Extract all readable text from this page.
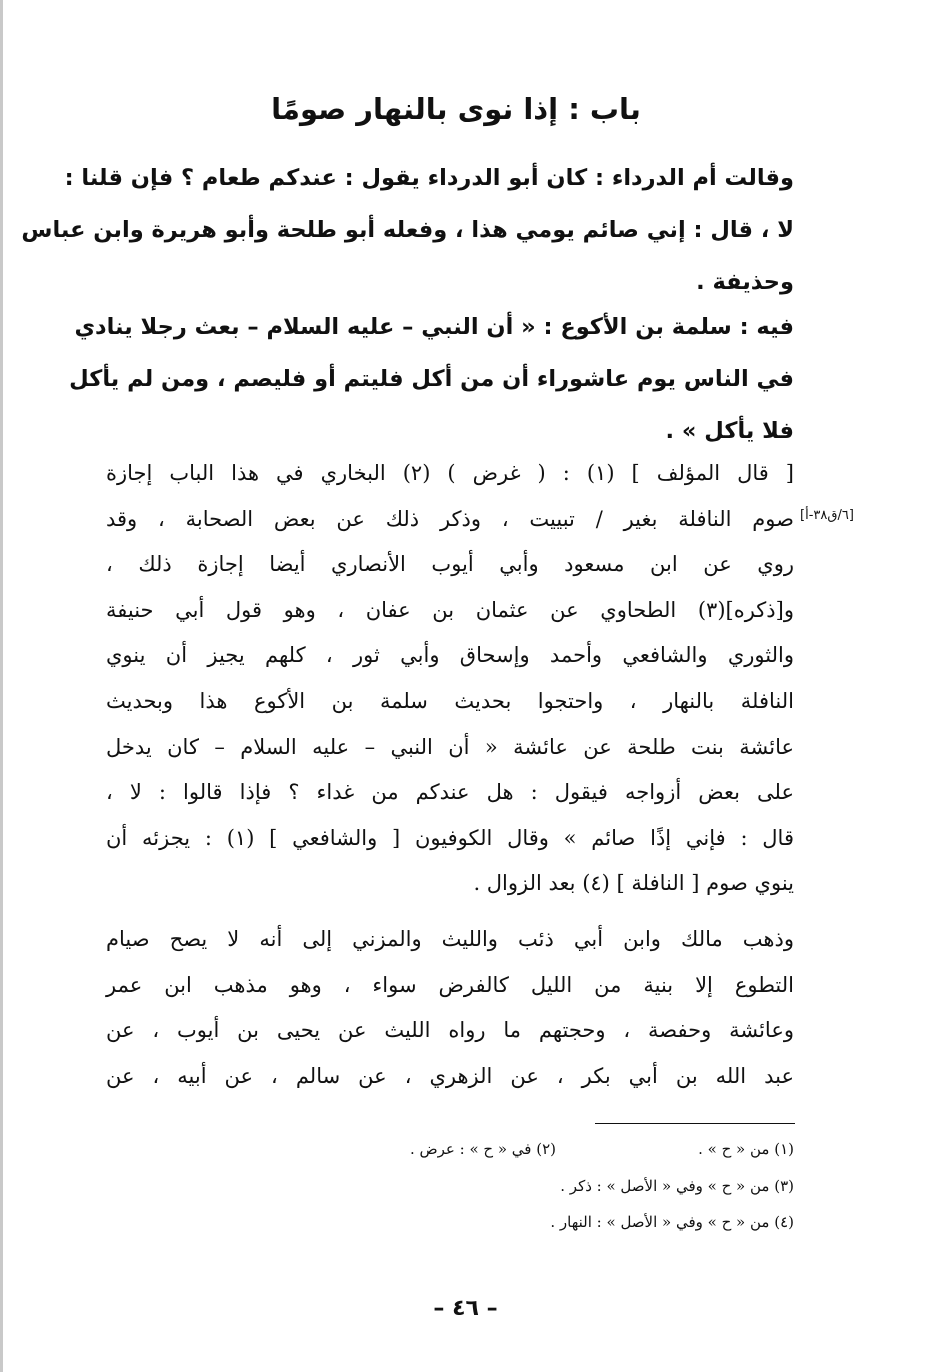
باب : إذا نوى بالنهار صومًا
وقالت أم الدرداء : كان أبو الدرداء يقول : عندكم طعام ؟ فإن قلنا :
لا ، قال : إني صائم يومي هذا ، وفعله أبو طلحة وأبو هريرة وابن عباس
وحذيفة .
فيه : سلمة بن الأكوع : « أن النبي – عليه السلام – بعث رجلا ينادي
في الناس يوم عاشوراء أن من أكل فليتم أو فليصم ، ومن لم يأكل
فلا يأكل » .
[ قال المؤلف ] (١) : ( غرض ) (٢) البخاري في هذا الباب إجازة
صوم النافلة بغير / تبييت ، وذكر ذلك عن بعض الصحابة ، وقد
روي عن ابن مسعود وأبي أيوب الأنصاري أيضا إجازة ذلك ،
و[ذكره](٣) الطحاوي عن عثمان بن عفان ، وهو قول أبي حنيفة
والثوري والشافعي وأحمد وإسحاق وأبي ثور ، كلهم يجيز أن ينوي
النافلة بالنهار ، واحتجوا بحديث سلمة بن الأكوع هذا وبحديث
عائشة بنت طلحة عن عائشة « أن النبي – عليه السلام – كان يدخل
على بعض أزواجه فيقول : هل عندكم من غداء ؟ فإذا قالوا : لا ،
قال : فإني إذًا صائم » وقال الكوفيون [ والشافعي ] (١) : يجزئه أن
ينوي صوم [ النافلة ] (٤) بعد الزوال .
[٦/ق٣٨-أ]
وذهب مالك وابن أبي ذئب والليث والمزني إلى أنه لا يصح صيام
التطوع إلا بنية من الليل كالفرض سواء ، وهو مذهب ابن عمر
وعائشة وحفصة ، وحجتهم ما رواه الليث عن يحيى بن أيوب ، عن
عبد الله بن أبي بكر ، عن الزهري ، عن سالم ، عن أبيه ، عن
(١) من « ح » .
(٢) في « ح » : عرض .
(٣) من « ح » وفي « الأصل » : ذكر .
(٤) من « ح » وفي « الأصل » : النهار .
– ٤٦ –
